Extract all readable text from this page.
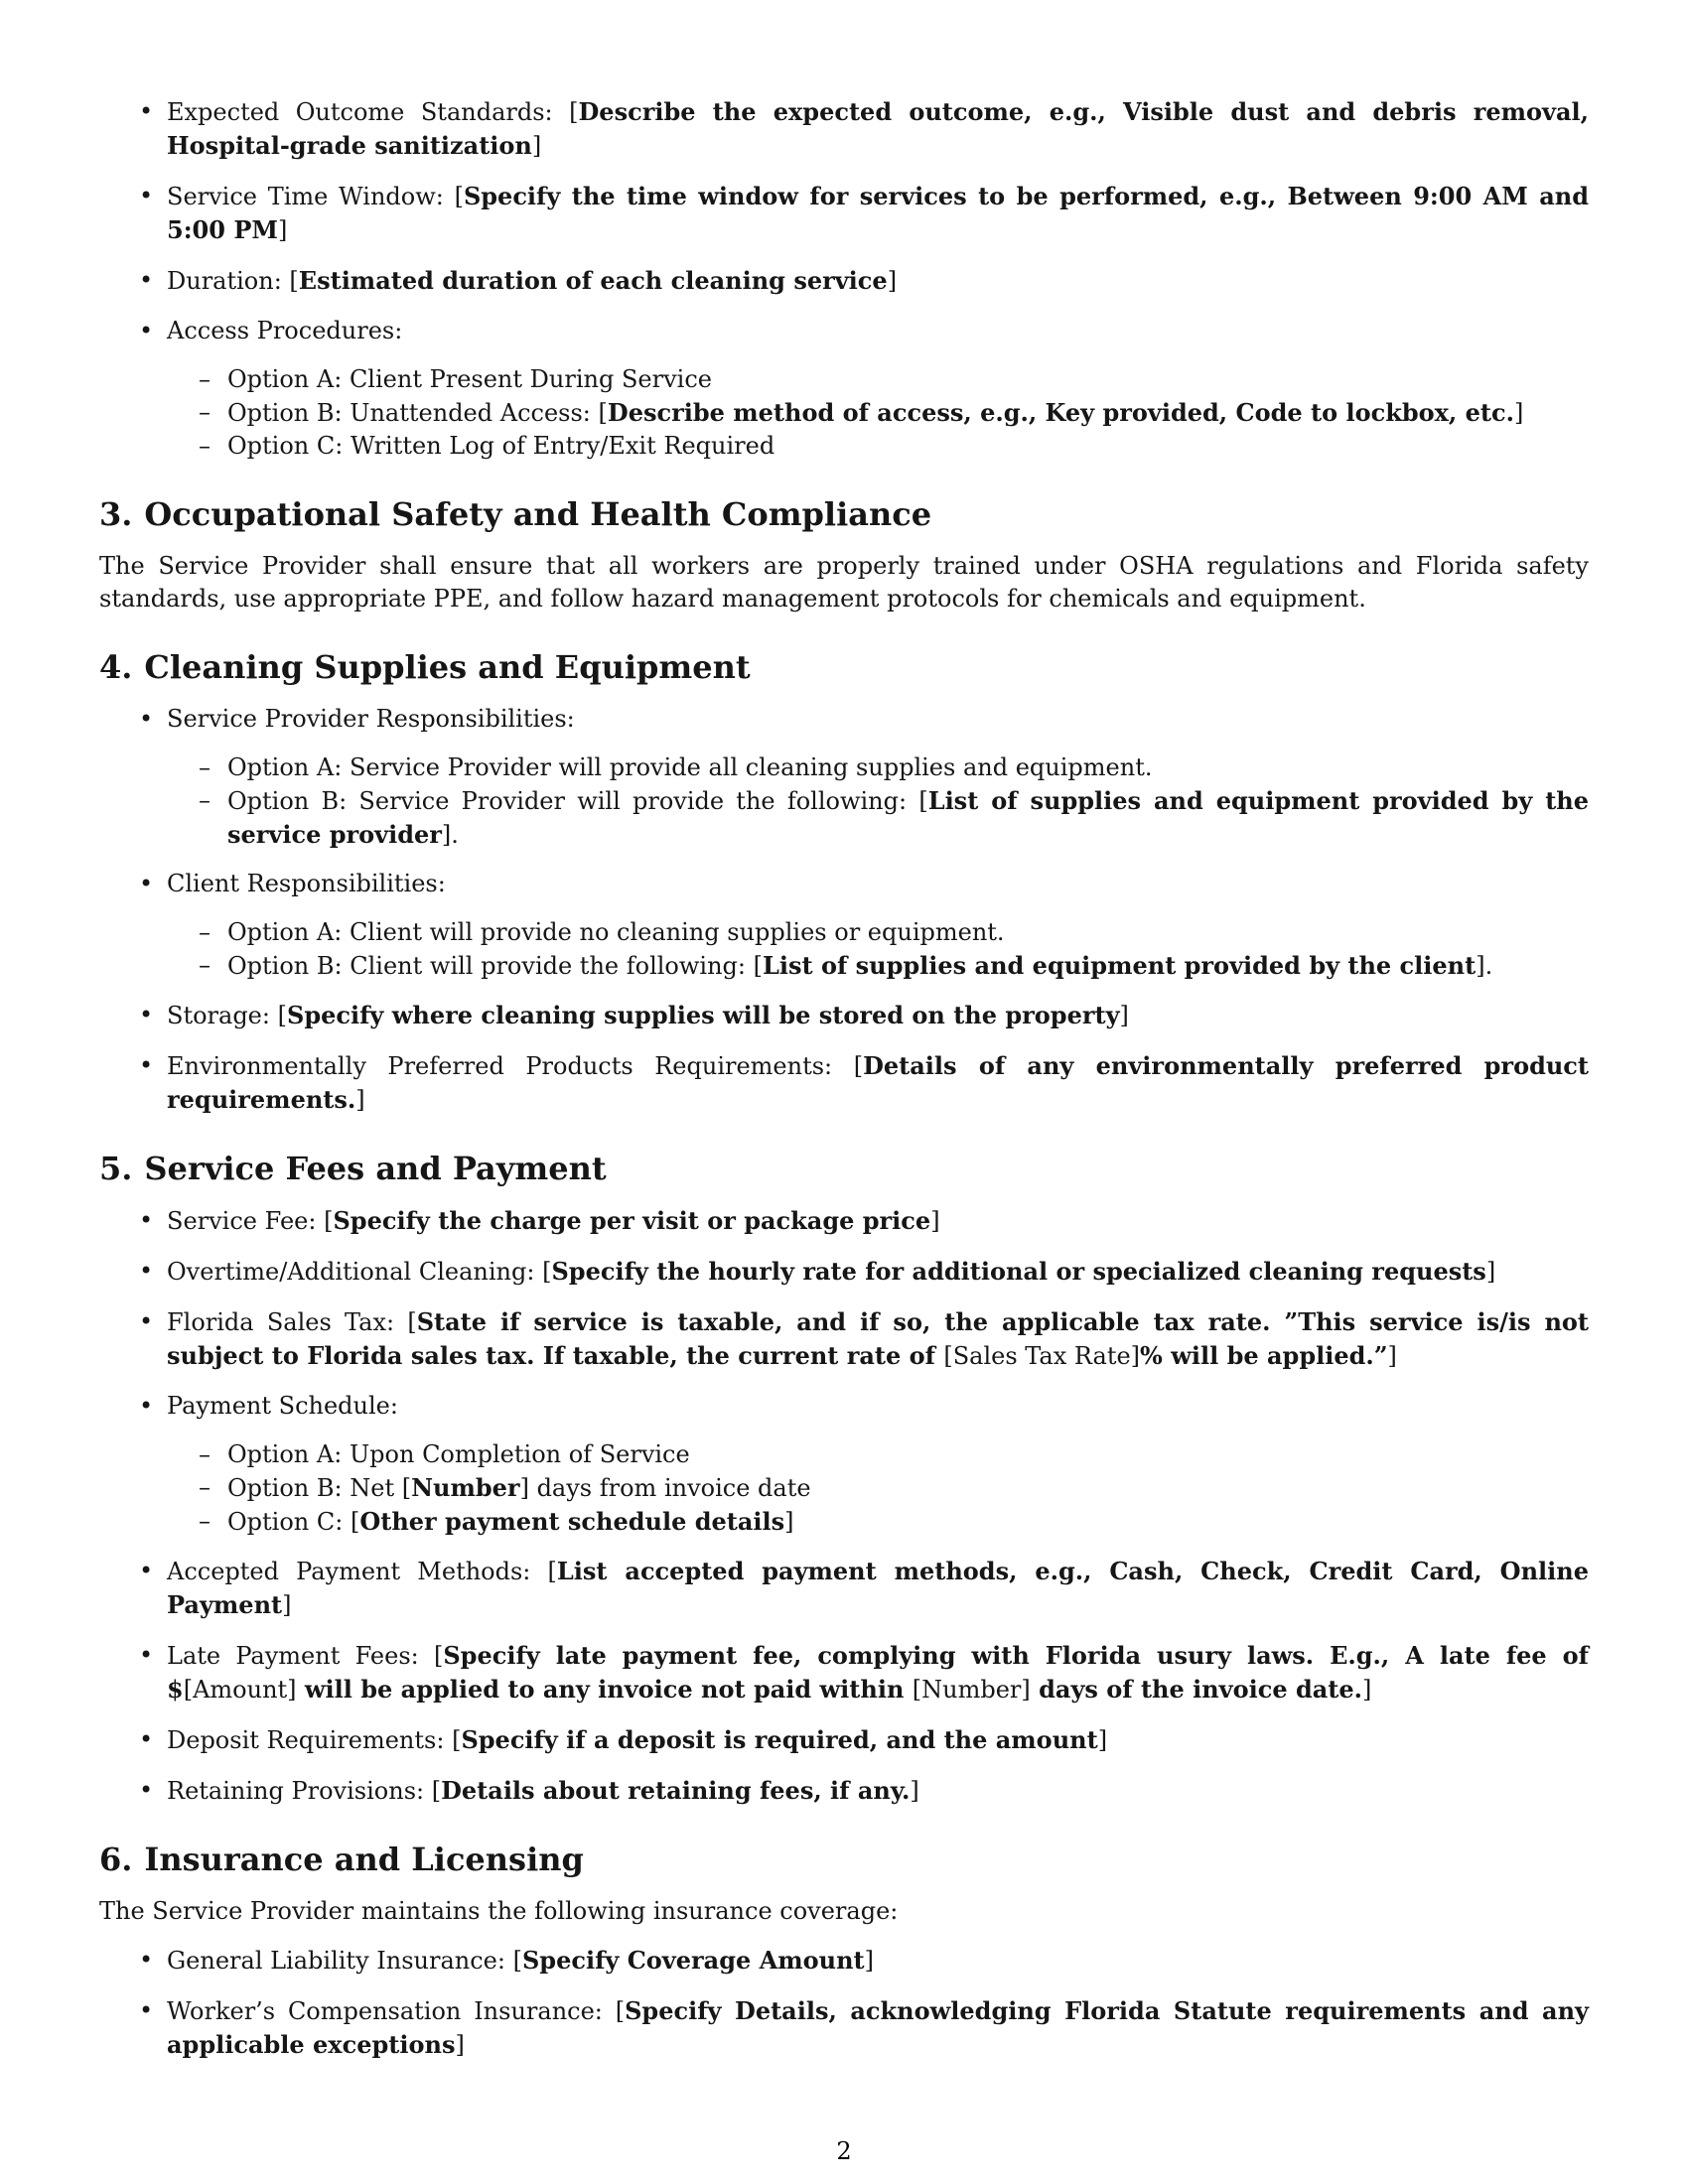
• Expected Outcome Standards: [Describe the expected outcome, e.g., Visible dust and debris removal, Hospital-grade sanitization]
• Service Time Window: [Specify the time window for services to be performed, e.g., Between 9:00 AM and 5:00 PM]
• Duration: [Estimated duration of each cleaning service]
• Access Procedures:
– Option A: Client Present During Service
– Option B: Unattended Access: [Describe method of access, e.g., Key provided, Code to lockbox, etc.]
– Option C: Written Log of Entry/Exit Required
3. Occupational Safety and Health Compliance

The Service Provider shall ensure that all workers are properly trained under OSHA regulations and Florida safety standards, use appropriate PPE, and follow hazard management protocols for chemicals and equipment.

4. Cleaning Supplies and Equipment
• Service Provider Responsibilities:
– Option A: Service Provider will provide all cleaning supplies and equipment.
– Option B: Service Provider will provide the following: [List of supplies and equipment provided by the service provider].
• Client Responsibilities:
– Option A: Client will provide no cleaning supplies or equipment.
– Option B: Client will provide the following: [List of supplies and equipment provided by the client].
• Storage: [Specify where cleaning supplies will be stored on the property]
• Environmentally Preferred Products Requirements: [Details of any environmentally preferred product requirements.]
5. Service Fees and Payment
• Service Fee: [Specify the charge per visit or package price]
• Overtime/Additional Cleaning: [Specify the hourly rate for additional or specialized cleaning requests]
• Florida Sales Tax: [State if service is taxable, and if so, the applicable tax rate. ”This service is/is not subject to Florida sales tax. If taxable, the current rate of [Sales Tax Rate]% will be applied.”]
• Payment Schedule:
– Option A: Upon Completion of Service
– Option B: Net [Number] days from invoice date
– Option C: [Other payment schedule details]
• Accepted Payment Methods: [List accepted payment methods, e.g., Cash, Check, Credit Card, Online Payment]
• Late Payment Fees: [Specify late payment fee, complying with Florida usury laws. E.g., A late fee of $[Amount] will be applied to any invoice not paid within [Number] days of the invoice date.]
• Deposit Requirements: [Specify if a deposit is required, and the amount]
• Retaining Provisions: [Details about retaining fees, if any.]
6. Insurance and Licensing

The Service Provider maintains the following insurance coverage:

• General Liability Insurance: [Specify Coverage Amount]
• Worker’s Compensation Insurance: [Specify Details, acknowledging Florida Statute requirements and any applicable exceptions]
2
